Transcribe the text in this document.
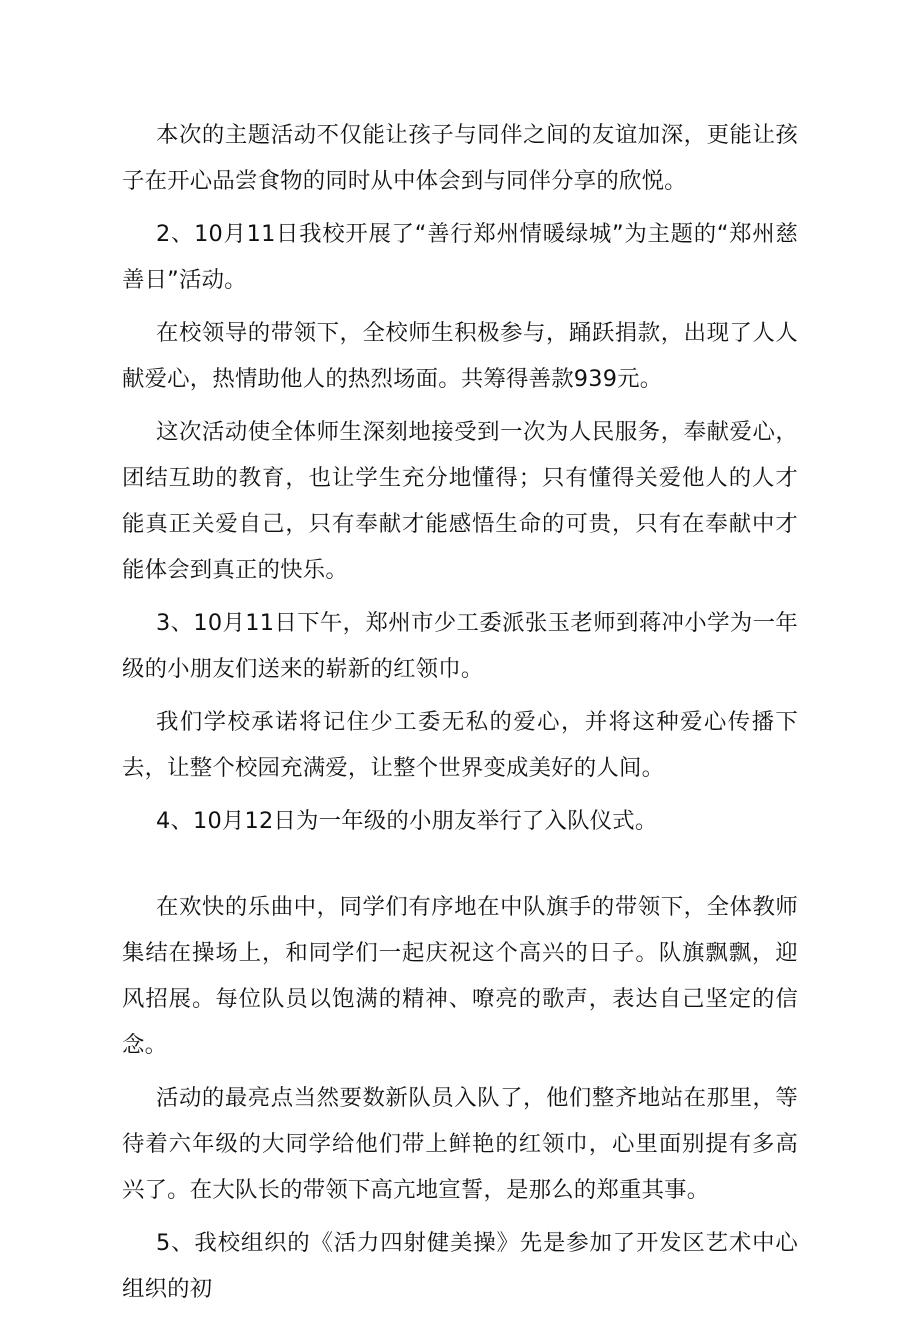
本次的主题活动不仅能让孩子与同伴之间的友谊加深，更能让孩子在开心品尝食物的同时从中体会到与同伴分享的欣悦。

2、10月11日我校开展了“善行郑州情暖绿城”为主题的“郑州慈善日”活动。

在校领导的带领下，全校师生积极参与，踊跃捐款，出现了人人献爱心，热情助他人的热烈场面。共筹得善款939元。

这次活动使全体师生深刻地接受到一次为人民服务，奉献爱心，团结互助的教育，也让学生充分地懂得；只有懂得关爱他人的人才能真正关爱自己，只有奉献才能感悟生命的可贵，只有在奉献中才能体会到真正的快乐。

3、10月11日下午，郑州市少工委派张玉老师到蒋冲小学为一年级的小朋友们送来的崭新的红领巾。

我们学校承诺将记住少工委无私的爱心，并将这种爱心传播下去，让整个校园充满爱，让整个世界变成美好的人间。

4、10月12日为一年级的小朋友举行了入队仪式。

在欢快的乐曲中，同学们有序地在中队旗手的带领下，全体教师集结在操场上，和同学们一起庆祝这个高兴的日子。队旗飘飘，迎风招展。每位队员以饱满的精神、嘹亮的歌声，表达自己坚定的信念。

活动的最亮点当然要数新队员入队了，他们整齐地站在那里，等待着六年级的大同学给他们带上鲜艳的红领巾，心里面别提有多高兴了。在大队长的带领下高亢地宣誓，是那么的郑重其事。

5、我校组织的《活力四射健美操》先是参加了开发区艺术中心组织的初
